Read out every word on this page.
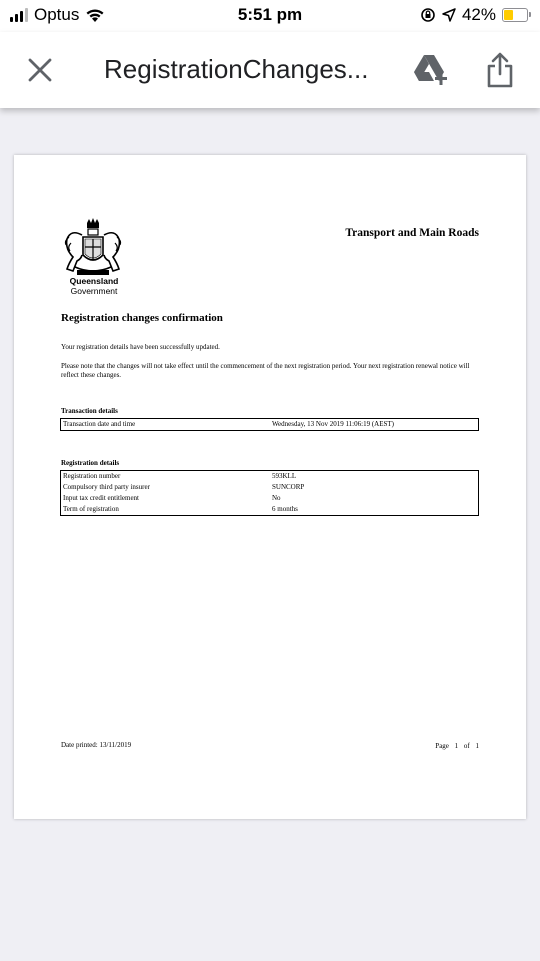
Optus	5:51 pm	42%
RegistrationChanges...
Queensland
Government
Transport and Main Roads
Registration changes confirmation
Your registration details have been successfully updated.
Please note that the changes will not take effect until the commencement of the next registration period. Your next registration renewal notice will reflect these changes.
Transaction details
Transaction date and time	Wednesday, 13 Nov 2019 11:06:19 (AEST)
Registration details
Registration number	593KLL
Compulsory third party insurer	SUNCORP
Input tax credit entitlement	No
Term of registration	6 months
Date printed: 13/11/2019	Page 1 of 1
